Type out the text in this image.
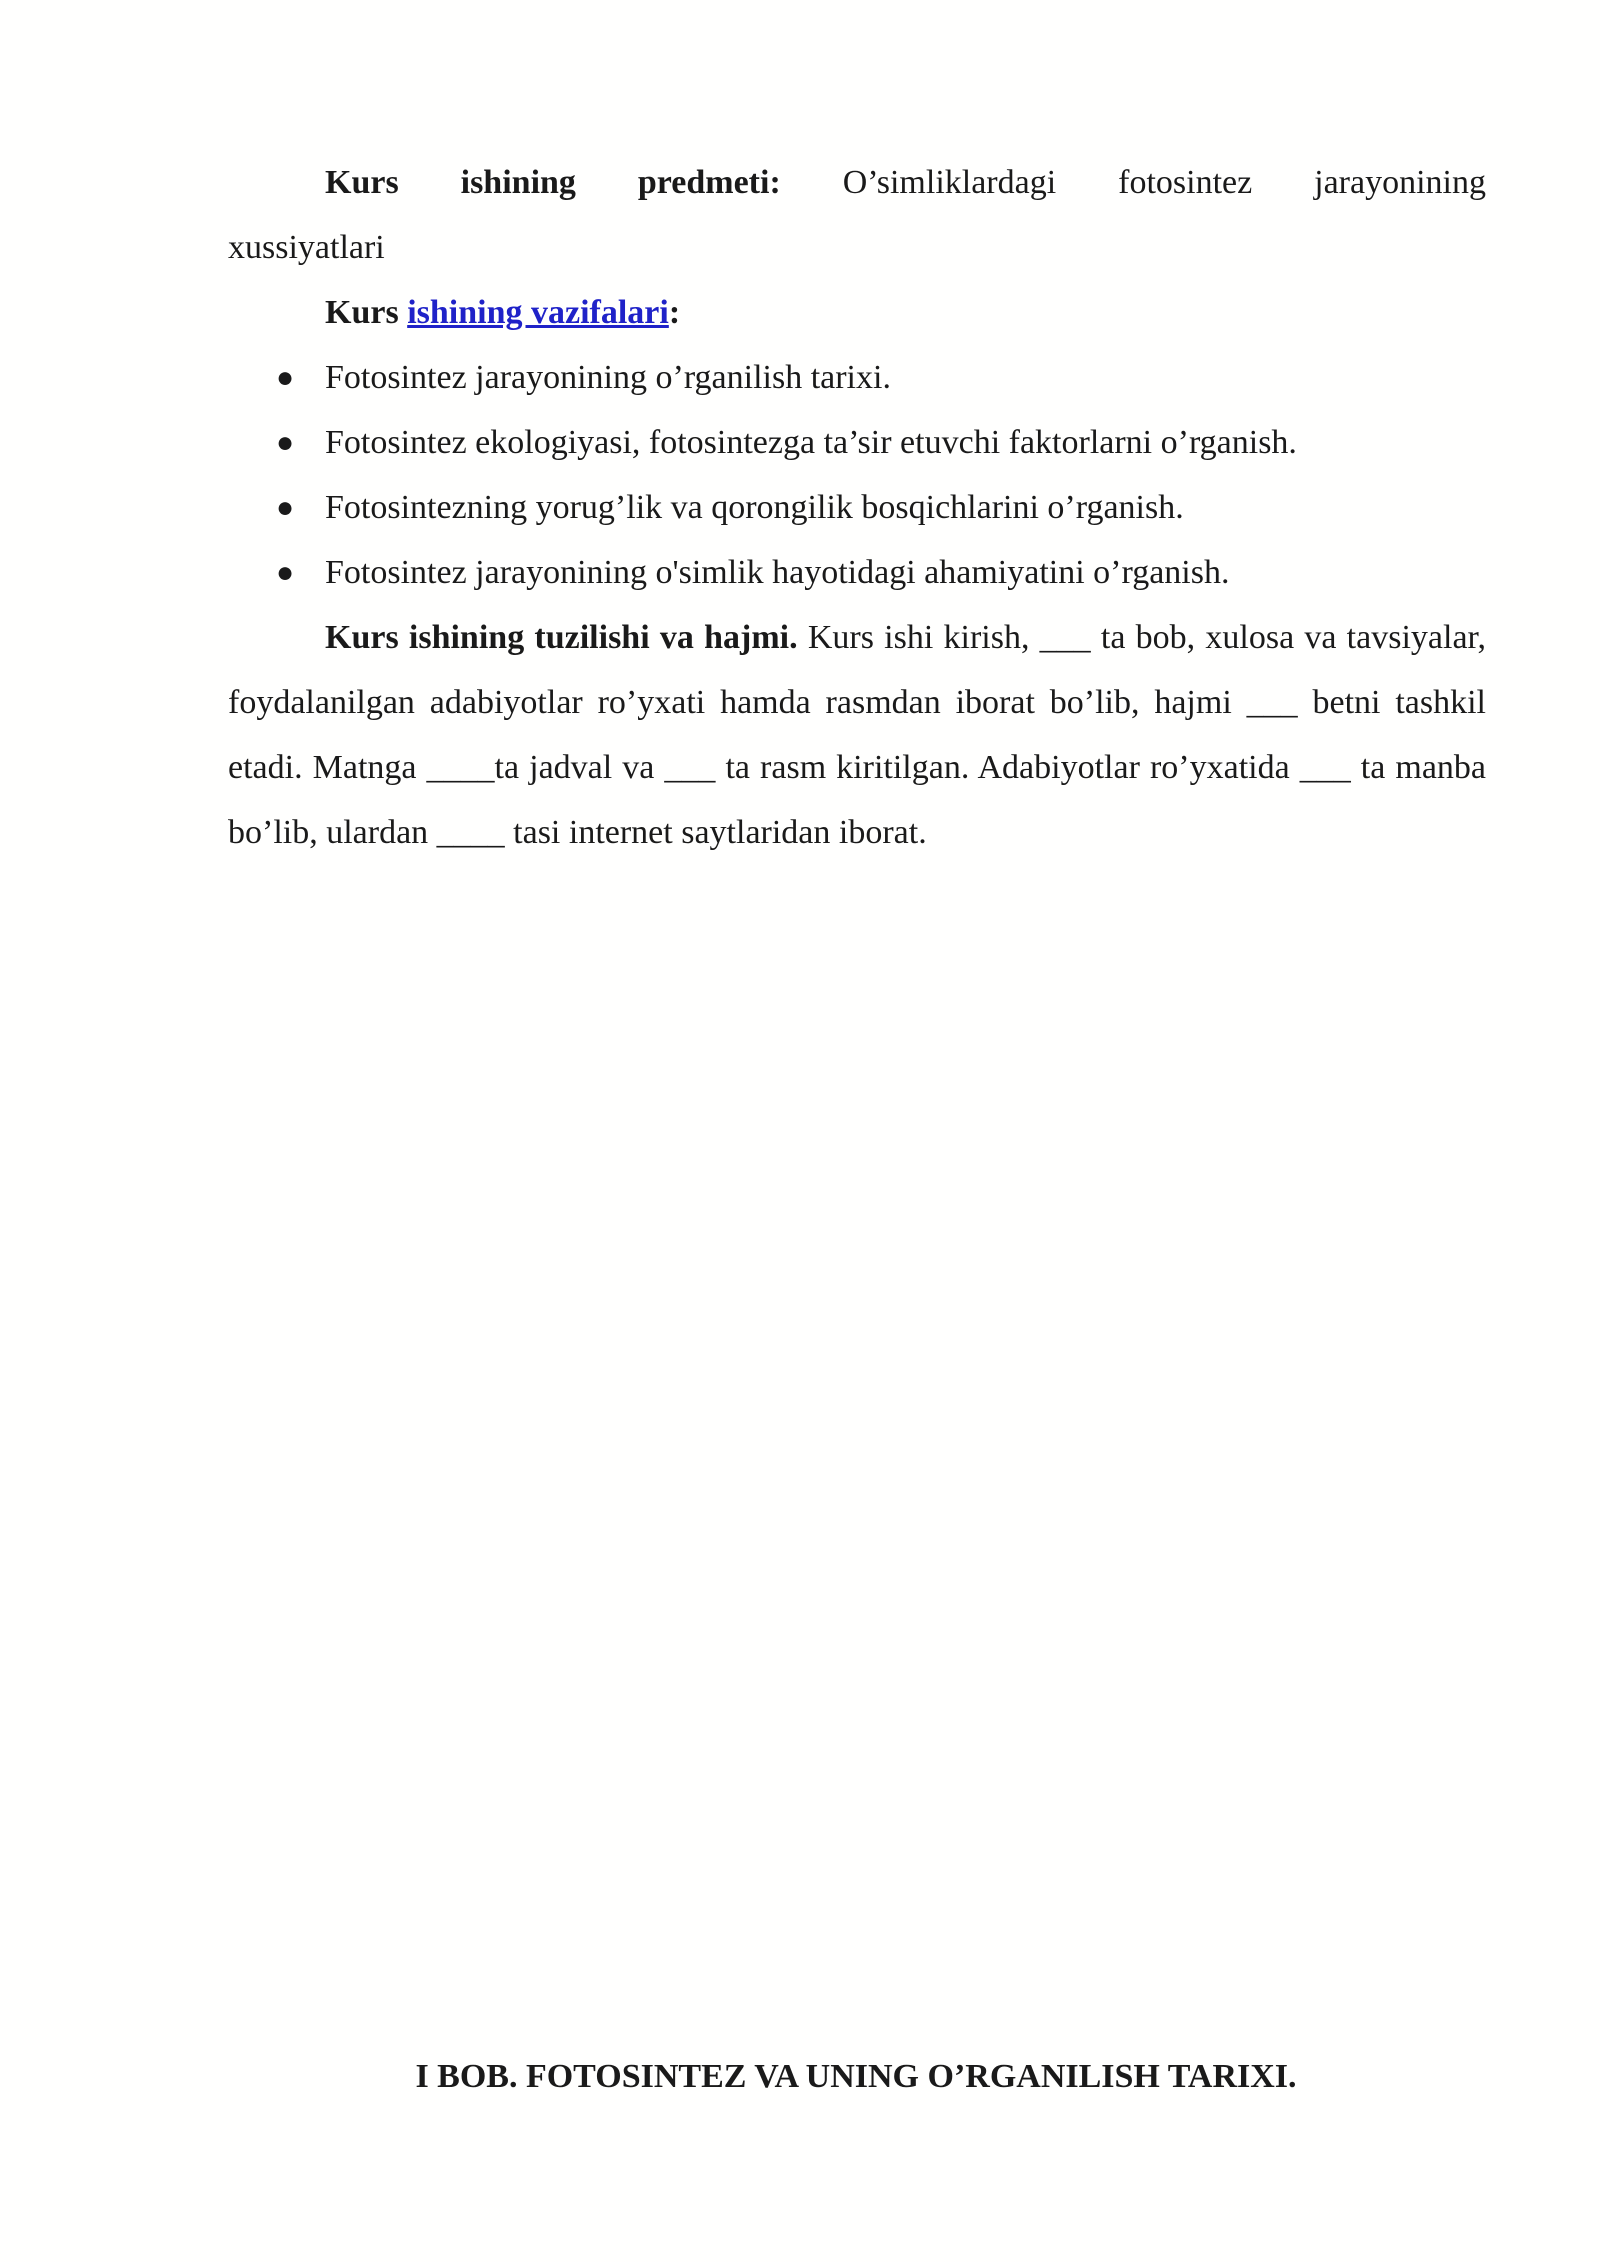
Kurs ishining predmeti: O’simliklardagi fotosintez jarayonining

xussiyatlari

Kurs ishining vazifalari:

● Fotosintez jarayonining o’rganilish tarixi.
● Fotosintez ekologiyasi, fotosintezga ta’sir etuvchi faktorlarni o’rganish.
● Fotosintezning yorug’lik va qorongilik bosqichlarini o’rganish.
● Fotosintez jarayonining o'simlik hayotidagi ahamiyatini o’rganish.

Kurs ishining tuzilishi va hajmi. Kurs ishi kirish, ___ ta bob, xulosa va tavsiyalar, foydalanilgan adabiyotlar ro’yxati hamda rasmdan iborat bo’lib, hajmi ___ betni tashkil etadi. Matnga ____ta jadval va ___ ta rasm kiritilgan. Adabiyotlar ro’yxatida ___ ta manba bo’lib, ulardan ____ tasi internet saytlaridan iborat.

I BOB. FOTOSINTEZ VA UNING O’RGANILISH TARIXI.
